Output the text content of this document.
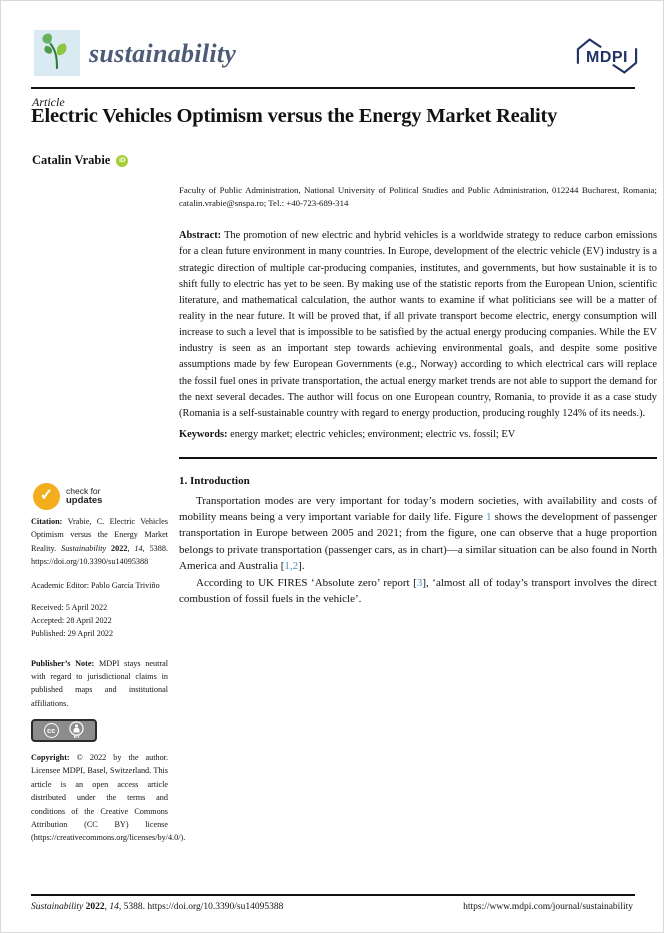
sustainability	MDPI
Article
Electric Vehicles Optimism versus the Energy Market Reality
Catalin Vrabie	iD

Faculty of Public Administration, National University of Political Studies and Public Administration, 012244 Bucharest, Romania; catalin.vrabie@snspa.ro; Tel.: +40-723-689-314

Abstract: The promotion of new electric and hybrid vehicles is a worldwide strategy to reduce carbon emissions for a clean future environment in many countries. In Europe, development of the electric vehicle (EV) industry is a strategic direction of multiple car-producing companies, institutes, and governments, but how sustainable it is to shift fully to electric has yet to be seen. By making use of the statistic reports from the European Union, scientific literature, and mathematical calculation, the author wants to examine if what politicians see will be a matter of reality in the near future. It will be proved that, if all private transport become electric, energy consumption will increase to such a level that is impossible to be satisfied by the actual energy producing companies. While the EV industry is seen as an important step towards achieving environmental goals, and despite some positive assumptions made by few European Governments (e.g., Norway) according to which electrical cars will replace the fossil fuel ones in private transportation, the actual energy market trends are not able to support the demand for the next several decades. The author will focus on one European country, Romania, to provide it as a case study (Romania is a self-sustainable country with regard to energy production, producing roughly 124% of its needs.).

Keywords: energy market; electric vehicles; environment; electric vs. fossil; EV

1. Introduction

Transportation modes are very important for today’s modern societies, with availability and costs of mobility means being a very important variable for daily life. Figure 1 shows the development of passenger transportation in Europe between 2005 and 2021; from the figure, one can observe that a huge proportion belongs to private transportation (passenger cars, as in chart)—a similar situation can be also found in North America and Australia [1,2].

According to UK FIRES ‘Absolute zero’ report [3], ‘almost all of today’s transport involves the direct combustion of fossil fuels in the vehicle’.

✓	check for
updates

Citation: Vrabie, C. Electric Vehicles Optimism versus the Energy Market Reality. Sustainability 2022, 14, 5388. https://doi.org/10.3390/su14095388

Academic Editor: Pablo García Triviño

Received: 5 April 2022

Accepted: 28 April 2022

Published: 29 April 2022

Publisher’s Note: MDPI stays neutral with regard to jurisdictional claims in published maps and institutional affiliations.

cc
BY

Copyright: © 2022 by the author. Licensee MDPI, Basel, Switzerland. This article is an open access article distributed under the terms and conditions of the Creative Commons Attribution (CC BY) license (https://creativecommons.org/licenses/by/4.0/).

Sustainability 2022, 14, 5388. https://doi.org/10.3390/su14095388	https://www.mdpi.com/journal/sustainability
